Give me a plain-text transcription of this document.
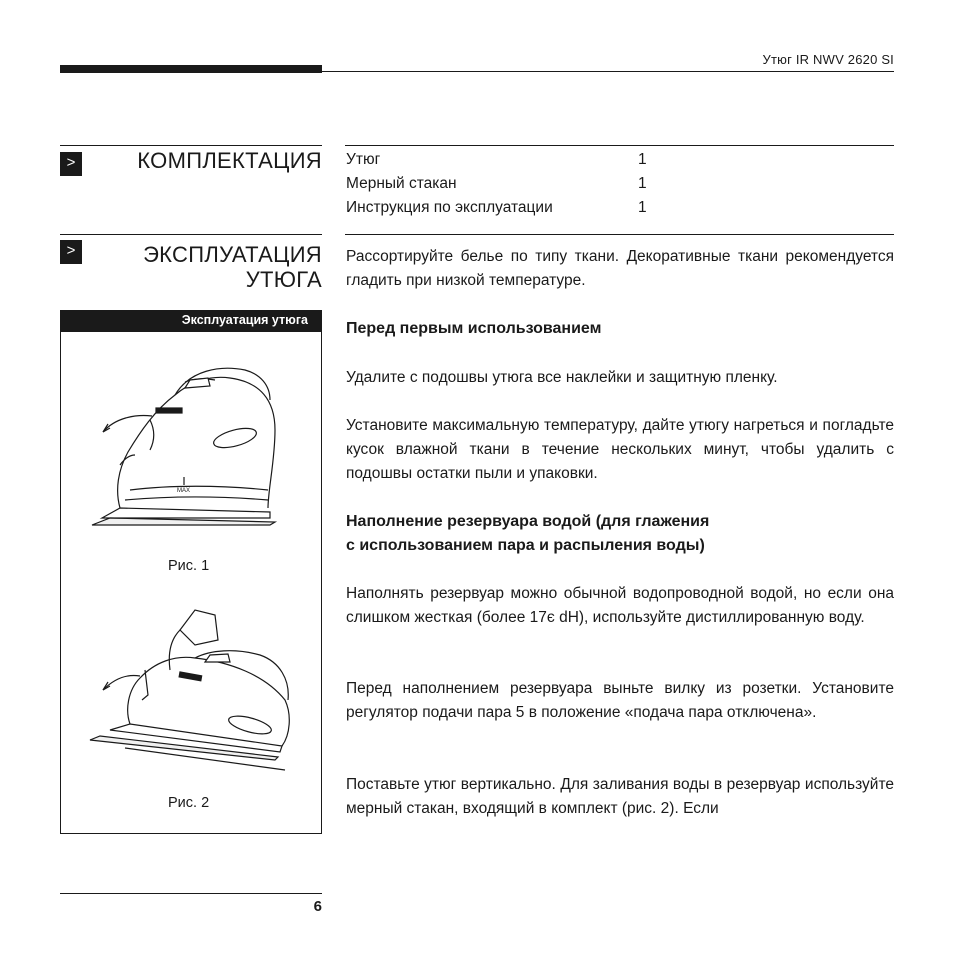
Утюг IR NWV 2620 SI
>	КОМПЛЕКТАЦИЯ Утюг	1
Мерный стакан	1
Инструкция по эксплуатации	1
>	ЭКСПЛУАТАЦИЯ
УТЮГА
Рассортируйте белье по типу ткани. Декоративные ткани рекомендуется гладить при низкой температуре.
Эксплуатация утюга
MAX
Рис. 1
Рис. 2
Перед первым использованием
Удалите с подошвы утюга все наклейки и защитную пленку.
Установите максимальную температуру, дайте утюгу нагреться и погладьте кусок влажной ткани в течение нескольких минут, чтобы удалить с подошвы остатки пыли и упаковки.
Наполнение резервуара водой (для глажения
с использованием пара и распыления воды)
Наполнять резервуар можно обычной водопроводной водой, но если она слишком жесткая (более 17є dH), используйте дистиллированную воду.
Перед наполнением резервуара выньте вилку из розетки. Установите регулятор подачи пара 5 в положение «подача пара отключена».
Поставьте утюг вертикально. Для заливания воды в резервуар используйте мерный стакан, входящий в комплект (рис. 2). Если
6
